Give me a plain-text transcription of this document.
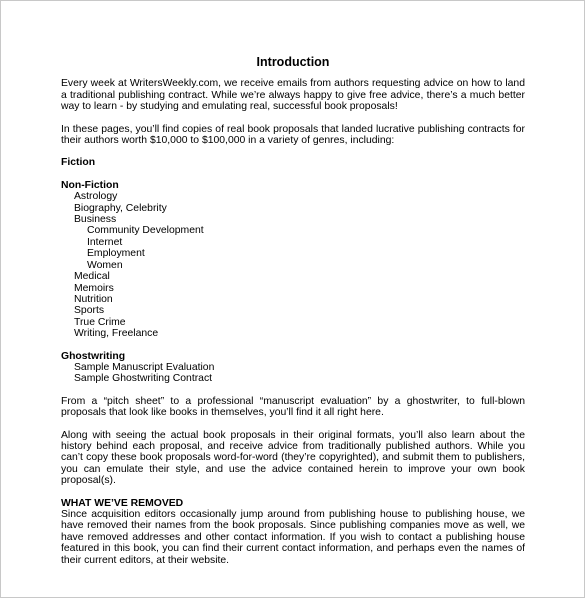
Introduction

Every week at WritersWeekly.com, we receive emails from authors requesting advice on how to land a traditional publishing contract. While we’re always happy to give free advice, there’s a much better way to learn - by studying and emulating real, successful book proposals!

In these pages, you’ll find copies of real book proposals that landed lucrative publishing contracts for their authors worth $10,000 to $100,000 in a variety of genres, including:

Fiction
Non-Fiction
Astrology
Biography, Celebrity
Business
Community Development
Internet
Employment
Women
Medical
Memoirs
Nutrition
Sports
True Crime
Writing, Freelance
Ghostwriting
Sample Manuscript Evaluation
Sample Ghostwriting Contract

From a “pitch sheet” to a professional “manuscript evaluation” by a ghostwriter, to full-blown proposals that look like books in themselves, you’ll find it all right here.

Along with seeing the actual book proposals in their original formats, you’ll also learn about the history behind each proposal, and receive advice from traditionally published authors. While you can’t copy these book proposals word-for-word (they’re copyrighted), and submit them to publishers, you can emulate their style, and use the advice contained herein to improve your own book proposal(s).

WHAT WE’VE REMOVED

Since acquisition editors occasionally jump around from publishing house to publishing house, we have removed their names from the book proposals. Since publishing companies move as well, we have removed addresses and other contact information. If you wish to contact a publishing house featured in this book, you can find their current contact information, and perhaps even the names of their current editors, at their website.
